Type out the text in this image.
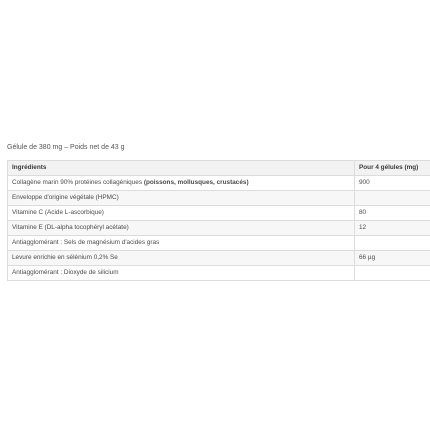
Gélule de 380 mg – Poids net de 43 g
Ingrédients	Pour 4 gélules (mg)
Collagène marin 90% protéines collagéniques (poissons, mollusques, crustacés)	900
Enveloppe d'origine végétale (HPMC)	
Vitamine C (Acide L-ascorbique)	80
Vitamine E (DL-alpha tocophéryl acétate)	12
Antiagglomérant : Sels de magnésium d'acides gras	
Levure enrichie en sélénium 0,2% Se	66 µg
Antiagglomérant : Dioxyde de silicium	
